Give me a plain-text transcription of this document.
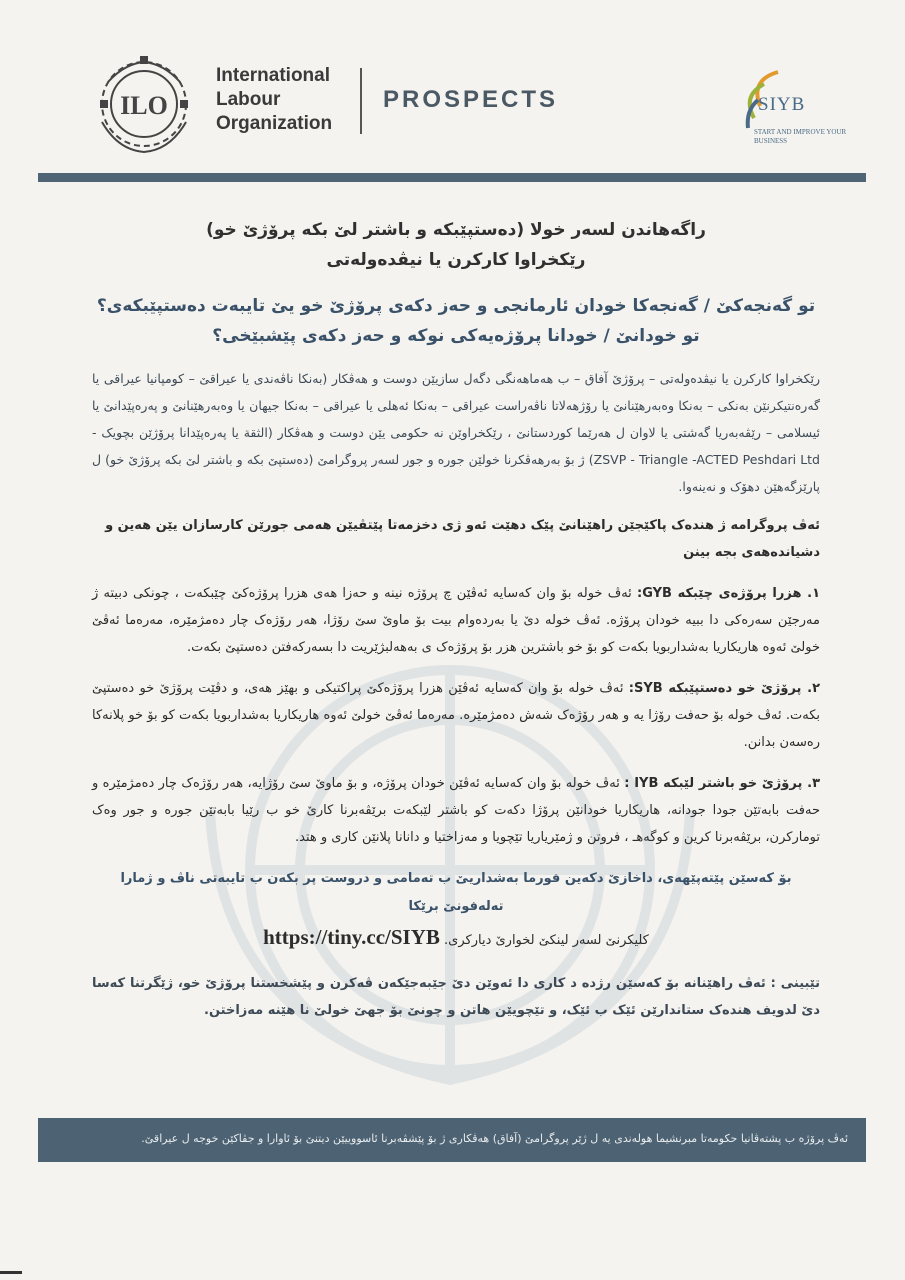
ILO
International
Labour
Organization
PROSPECTS	SIYB
START AND IMPROVE YOUR BUSINESS

راگەهاندن لسەر خولا (دەستپێبکە و باشتر لێ بکە پرۆژێ خو)

رێکخراوا کارکرن یا نیڤدەولەتی

تو گەنجەکێ / گەنجەکا خودان ئارمانجی و حەز دکەی پرۆژێ خو یێ تایبەت دەستپێبکەی؟

تو خودانێ / خودانا پرۆژەیەکی نوکە و حەز دکەی پێشبێخی؟

رێکخراوا کارکرن یا نیڤدەولەتی – پرۆژێ آفاق – ب هەماهەنگی دگەل سازیێن دوست و هەڤکار (بەنکا ناڤەندی یا عیراقێ – کومپانیا عیراقی یا گەرەنتیکرنێن بەنکی – بەنکا وەبەرهێنانێ یا رۆژهەلاتا ناڤەراست عیراقی – بەنکا ئەهلی یا عیراقی – بەنکا جیهان یا وەبەرهێنانێ و پەرەپێدانێ یا ئیسلامی – رێڤەبەریا گەشتی یا لاوان ل هەرێما کوردستانێ ، رێکخراوێن نە حکومی یێن دوست و هەڤکار (الثقة یا پەرەپێدانا پرۆژێن بچویک - ZSVP - Triangle -ACTED Peshdari Ltd) ژ بۆ بەرهەڤکرنا خولێن جورە و جور لسەر پروگرامێ (دەستپێ بکە و باشتر لێ بکە پرۆژێ خو) ل پارێزگەهێن دهۆک و نەینەوا.

ئەڤ پروگرامە ژ هندەک پاکێجێن راهێنانێ پێک دهێت ئەو ژی دخزمەتا پێتڤیێن هەمی جورێن کارسازان یێن هەین و دشیاندەهەی بجە بینن

١. هزرا پرۆژەی چێبکە GYB: ئەڤ خولە بۆ وان کەسایە ئەڤێن چ پرۆژە نینە و حەزا هەی هزرا پرۆژەکێ چێبکەت ، چونکی دبیتە ژ مەرجێن سەرەکی دا ببیە خودان پرۆژە. ئەڤ خولە دێ یا بەردەوام بیت بۆ ماوێ سێ رۆژا، هەر رۆژەک چار دەمژمێرە، مەرەما ئەڤێ خولێ ئەوە هاریکاریا بەشداربویا بکەت کو بۆ خو باشترین هزر بۆ پرۆژەک ی بەهەلبژێریت دا بسەرکەفتن دەستپێ بکەت.

٢. پرۆژێ خو دەستپێبکە SYB: ئەڤ خولە بۆ وان کەسایە ئەڤێن هزرا پرۆژەکێ پراکتیکی و بهێز هەی، و دڤێت پرۆژێ خو دەستپێ بکەت. ئەڤ خولە بۆ حەفت رۆژا یە و هەر رۆژەک شەش دەمژمێرە. مەرەما ئەڤێ خولێ ئەوە هاریکاریا بەشداربویا بکەت کو بۆ خو پلانەکا رەسەن بدانن.

٣. پرۆژێ خو باشتر لێبکە IYB : ئەڤ خولە بۆ وان کەسایە ئەڤێن خودان پرۆژە، و بۆ ماوێ سێ رۆژایە، هەر رۆژەک چار دەمژمێرە و حەفت بابەتێن جودا جودانە، هاریکاریا خودانێن پرۆژا دکەت کو باشتر لێبکەت برێڤەبرنا کارێ خو ب رێیا بابەتێن جورە و جور وەک تومارکرن، برێڤەبرنا کرین و کوگەهـ ، فروتن و ژمێریاریا تێچویا و مەزاختیا و دانانا پلانێن کاری و هتد.

بۆ کەسێن پێتەپێهەی، داخازێ دکەین فورما بەشداریێ ب تەمامی و دروست پر بکەن ب تایبەتی ناڤ و ژمارا تەلەفونێ برێکا

کلیکرنێ لسەر لینکێ لخوارێ دیارکری. https://tiny.cc/SIYB

تێبینی : ئەڤ راهێنانە بۆ کەسێن رژدە د کاری دا ئەوێن دێ جێبەجێکەن ڤەکرن و پێشخستنا پرۆژێ خو، ژێگرتنا کەسا دێ لدویف هندەک ستاندارێن ئێک ب ئێک، و تێچویێن هاتن و چونێ بۆ جهێ خولێ نا هێنە مەزاختن.

ئەڤ پرۆژە ب پشتەڤانیا حکومەتا مبرنشیما هولەندی یە ل ژێر پروگرامێ (آفاق) هەڤکاری ژ بۆ پێشڤەبرنا ئاسووییێن دیتنێ بۆ ئاوارا و جڤاکێن خوجە ل عیراقێ.
